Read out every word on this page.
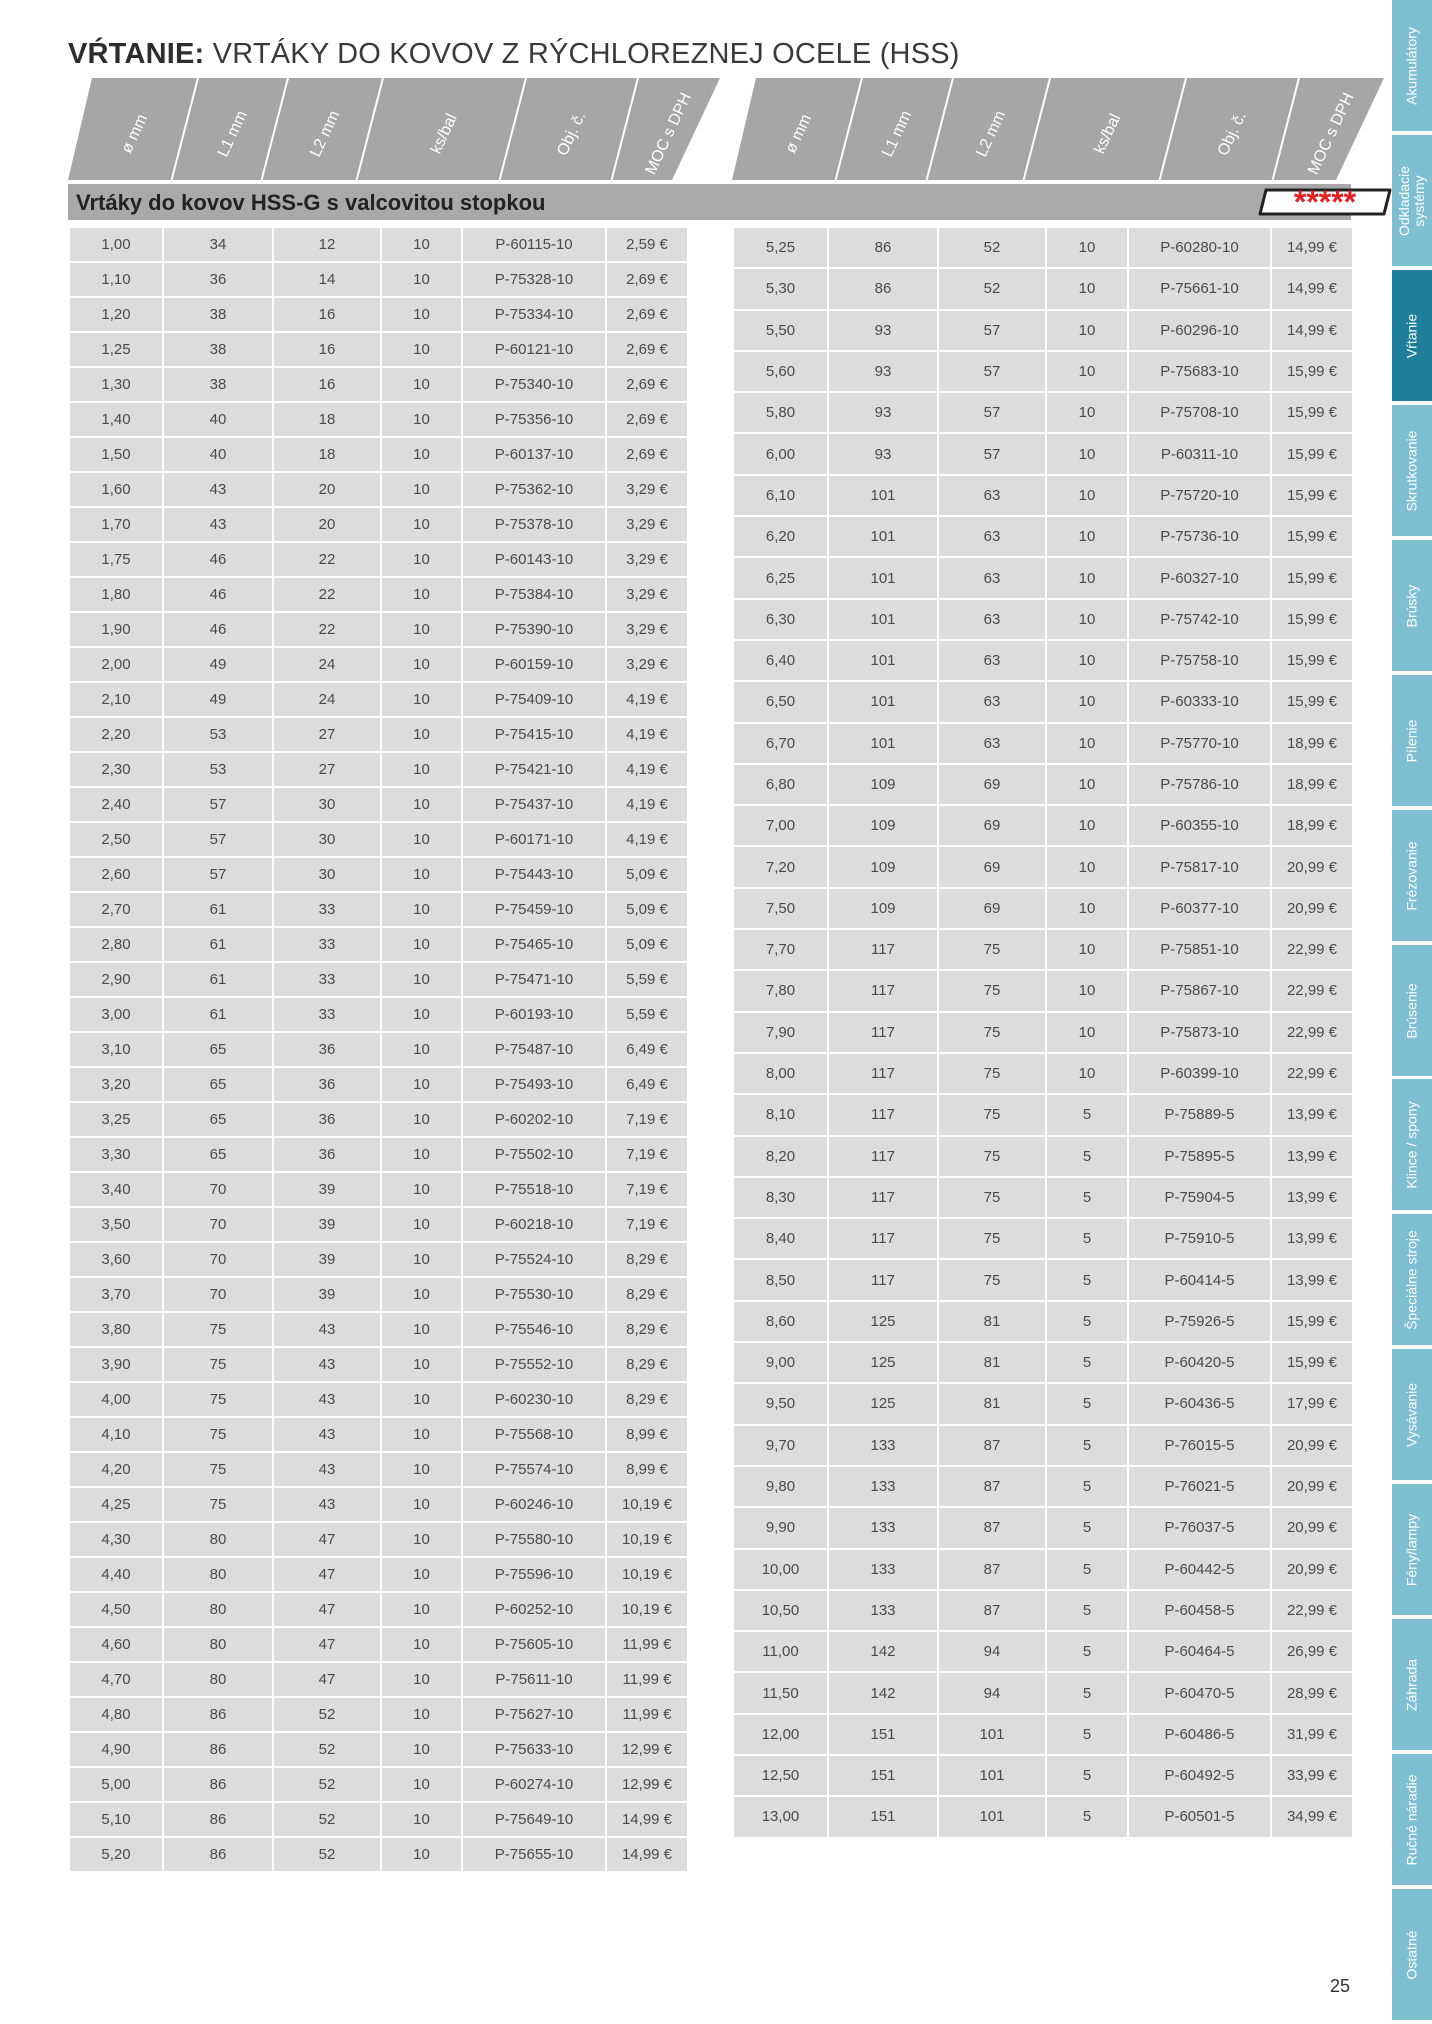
VŔTANIE: VRTÁKY DO KOVOV Z RÝCHLOREZNEJ OCELE (HSS)
ø mm	L1 mm	L2 mm	ks/bal	Obj. č.	MOC s DPH	ø mm	L1 mm	L2 mm	ks/bal	Obj. č.	MOC s DPH
Vrtáky do kovov HSS-G s valcovitou stopkou	*****
1,00	34	12	10	P-60115-10	2,59 €
1,10	36	14	10	P-75328-10	2,69 €
1,20	38	16	10	P-75334-10	2,69 €
1,25	38	16	10	P-60121-10	2,69 €
1,30	38	16	10	P-75340-10	2,69 €
1,40	40	18	10	P-75356-10	2,69 €
1,50	40	18	10	P-60137-10	2,69 €
1,60	43	20	10	P-75362-10	3,29 €
1,70	43	20	10	P-75378-10	3,29 €
1,75	46	22	10	P-60143-10	3,29 €
1,80	46	22	10	P-75384-10	3,29 €
1,90	46	22	10	P-75390-10	3,29 €
2,00	49	24	10	P-60159-10	3,29 €
2,10	49	24	10	P-75409-10	4,19 €
2,20	53	27	10	P-75415-10	4,19 €
2,30	53	27	10	P-75421-10	4,19 €
2,40	57	30	10	P-75437-10	4,19 €
2,50	57	30	10	P-60171-10	4,19 €
2,60	57	30	10	P-75443-10	5,09 €
2,70	61	33	10	P-75459-10	5,09 €
2,80	61	33	10	P-75465-10	5,09 €
2,90	61	33	10	P-75471-10	5,59 €
3,00	61	33	10	P-60193-10	5,59 €
3,10	65	36	10	P-75487-10	6,49 €
3,20	65	36	10	P-75493-10	6,49 €
3,25	65	36	10	P-60202-10	7,19 €
3,30	65	36	10	P-75502-10	7,19 €
3,40	70	39	10	P-75518-10	7,19 €
3,50	70	39	10	P-60218-10	7,19 €
3,60	70	39	10	P-75524-10	8,29 €
3,70	70	39	10	P-75530-10	8,29 €
3,80	75	43	10	P-75546-10	8,29 €
3,90	75	43	10	P-75552-10	8,29 €
4,00	75	43	10	P-60230-10	8,29 €
4,10	75	43	10	P-75568-10	8,99 €
4,20	75	43	10	P-75574-10	8,99 €
4,25	75	43	10	P-60246-10	10,19 €
4,30	80	47	10	P-75580-10	10,19 €
4,40	80	47	10	P-75596-10	10,19 €
4,50	80	47	10	P-60252-10	10,19 €
4,60	80	47	10	P-75605-10	11,99 €
4,70	80	47	10	P-75611-10	11,99 €
4,80	86	52	10	P-75627-10	11,99 €
4,90	86	52	10	P-75633-10	12,99 €
5,00	86	52	10	P-60274-10	12,99 €
5,10	86	52	10	P-75649-10	14,99 €
5,20	86	52	10	P-75655-10	14,99 €
5,25	86	52	10	P-60280-10	14,99 €
5,30	86	52	10	P-75661-10	14,99 €
5,50	93	57	10	P-60296-10	14,99 €
5,60	93	57	10	P-75683-10	15,99 €
5,80	93	57	10	P-75708-10	15,99 €
6,00	93	57	10	P-60311-10	15,99 €
6,10	101	63	10	P-75720-10	15,99 €
6,20	101	63	10	P-75736-10	15,99 €
6,25	101	63	10	P-60327-10	15,99 €
6,30	101	63	10	P-75742-10	15,99 €
6,40	101	63	10	P-75758-10	15,99 €
6,50	101	63	10	P-60333-10	15,99 €
6,70	101	63	10	P-75770-10	18,99 €
6,80	109	69	10	P-75786-10	18,99 €
7,00	109	69	10	P-60355-10	18,99 €
7,20	109	69	10	P-75817-10	20,99 €
7,50	109	69	10	P-60377-10	20,99 €
7,70	117	75	10	P-75851-10	22,99 €
7,80	117	75	10	P-75867-10	22,99 €
7,90	117	75	10	P-75873-10	22,99 €
8,00	117	75	10	P-60399-10	22,99 €
8,10	117	75	5	P-75889-5	13,99 €
8,20	117	75	5	P-75895-5	13,99 €
8,30	117	75	5	P-75904-5	13,99 €
8,40	117	75	5	P-75910-5	13,99 €
8,50	117	75	5	P-60414-5	13,99 €
8,60	125	81	5	P-75926-5	15,99 €
9,00	125	81	5	P-60420-5	15,99 €
9,50	125	81	5	P-60436-5	17,99 €
9,70	133	87	5	P-76015-5	20,99 €
9,80	133	87	5	P-76021-5	20,99 €
9,90	133	87	5	P-76037-5	20,99 €
10,00	133	87	5	P-60442-5	20,99 €
10,50	133	87	5	P-60458-5	22,99 €
11,00	142	94	5	P-60464-5	26,99 €
11,50	142	94	5	P-60470-5	28,99 €
12,00	151	101	5	P-60486-5	31,99 €
12,50	151	101	5	P-60492-5	33,99 €
13,00	151	101	5	P-60501-5	34,99 €
Akumulátory
Odkladacie
systémy
Vŕtanie
Skrutkovanie
Brúsky
Pílenie
Frézovanie
Brúsenie
Klince / spony
Špeciálne stroje
Vysávanie
Fény/lampy
Záhrada
Ručné náradie
Ostatné
25
